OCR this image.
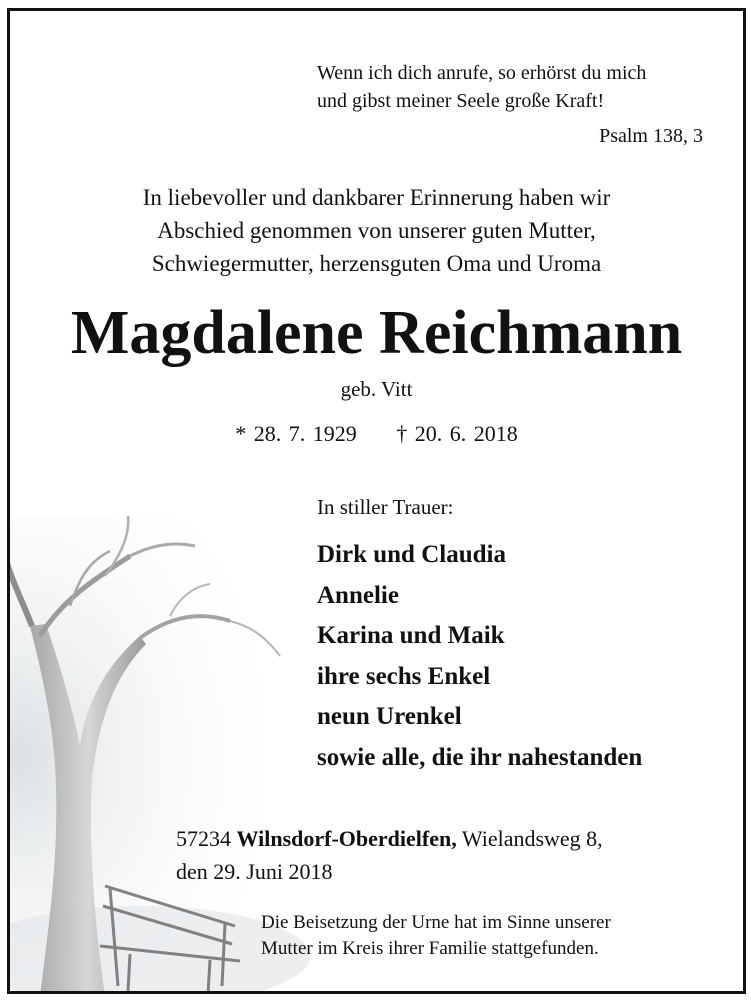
Wenn ich dich anrufe, so erhörst du mich
und gibst meiner Seele große Kraft!
Psalm 138, 3
In liebevoller und dankbarer Erinnerung haben wir
Abschied genommen von unserer guten Mutter,
Schwiegermutter, herzensguten Oma und Uroma
Magdalene Reichmann
geb. Vitt
* 28. 7. 1929 † 20. 6. 2018
In stiller Trauer:
Dirk und Claudia
Annelie
Karina und Maik
ihre sechs Enkel
neun Urenkel
sowie alle, die ihr nahestanden
57234 Wilnsdorf-Oberdielfen, Wielandsweg 8,
den 29. Juni 2018
Die Beisetzung der Urne hat im Sinne unserer
Mutter im Kreis ihrer Familie stattgefunden.
